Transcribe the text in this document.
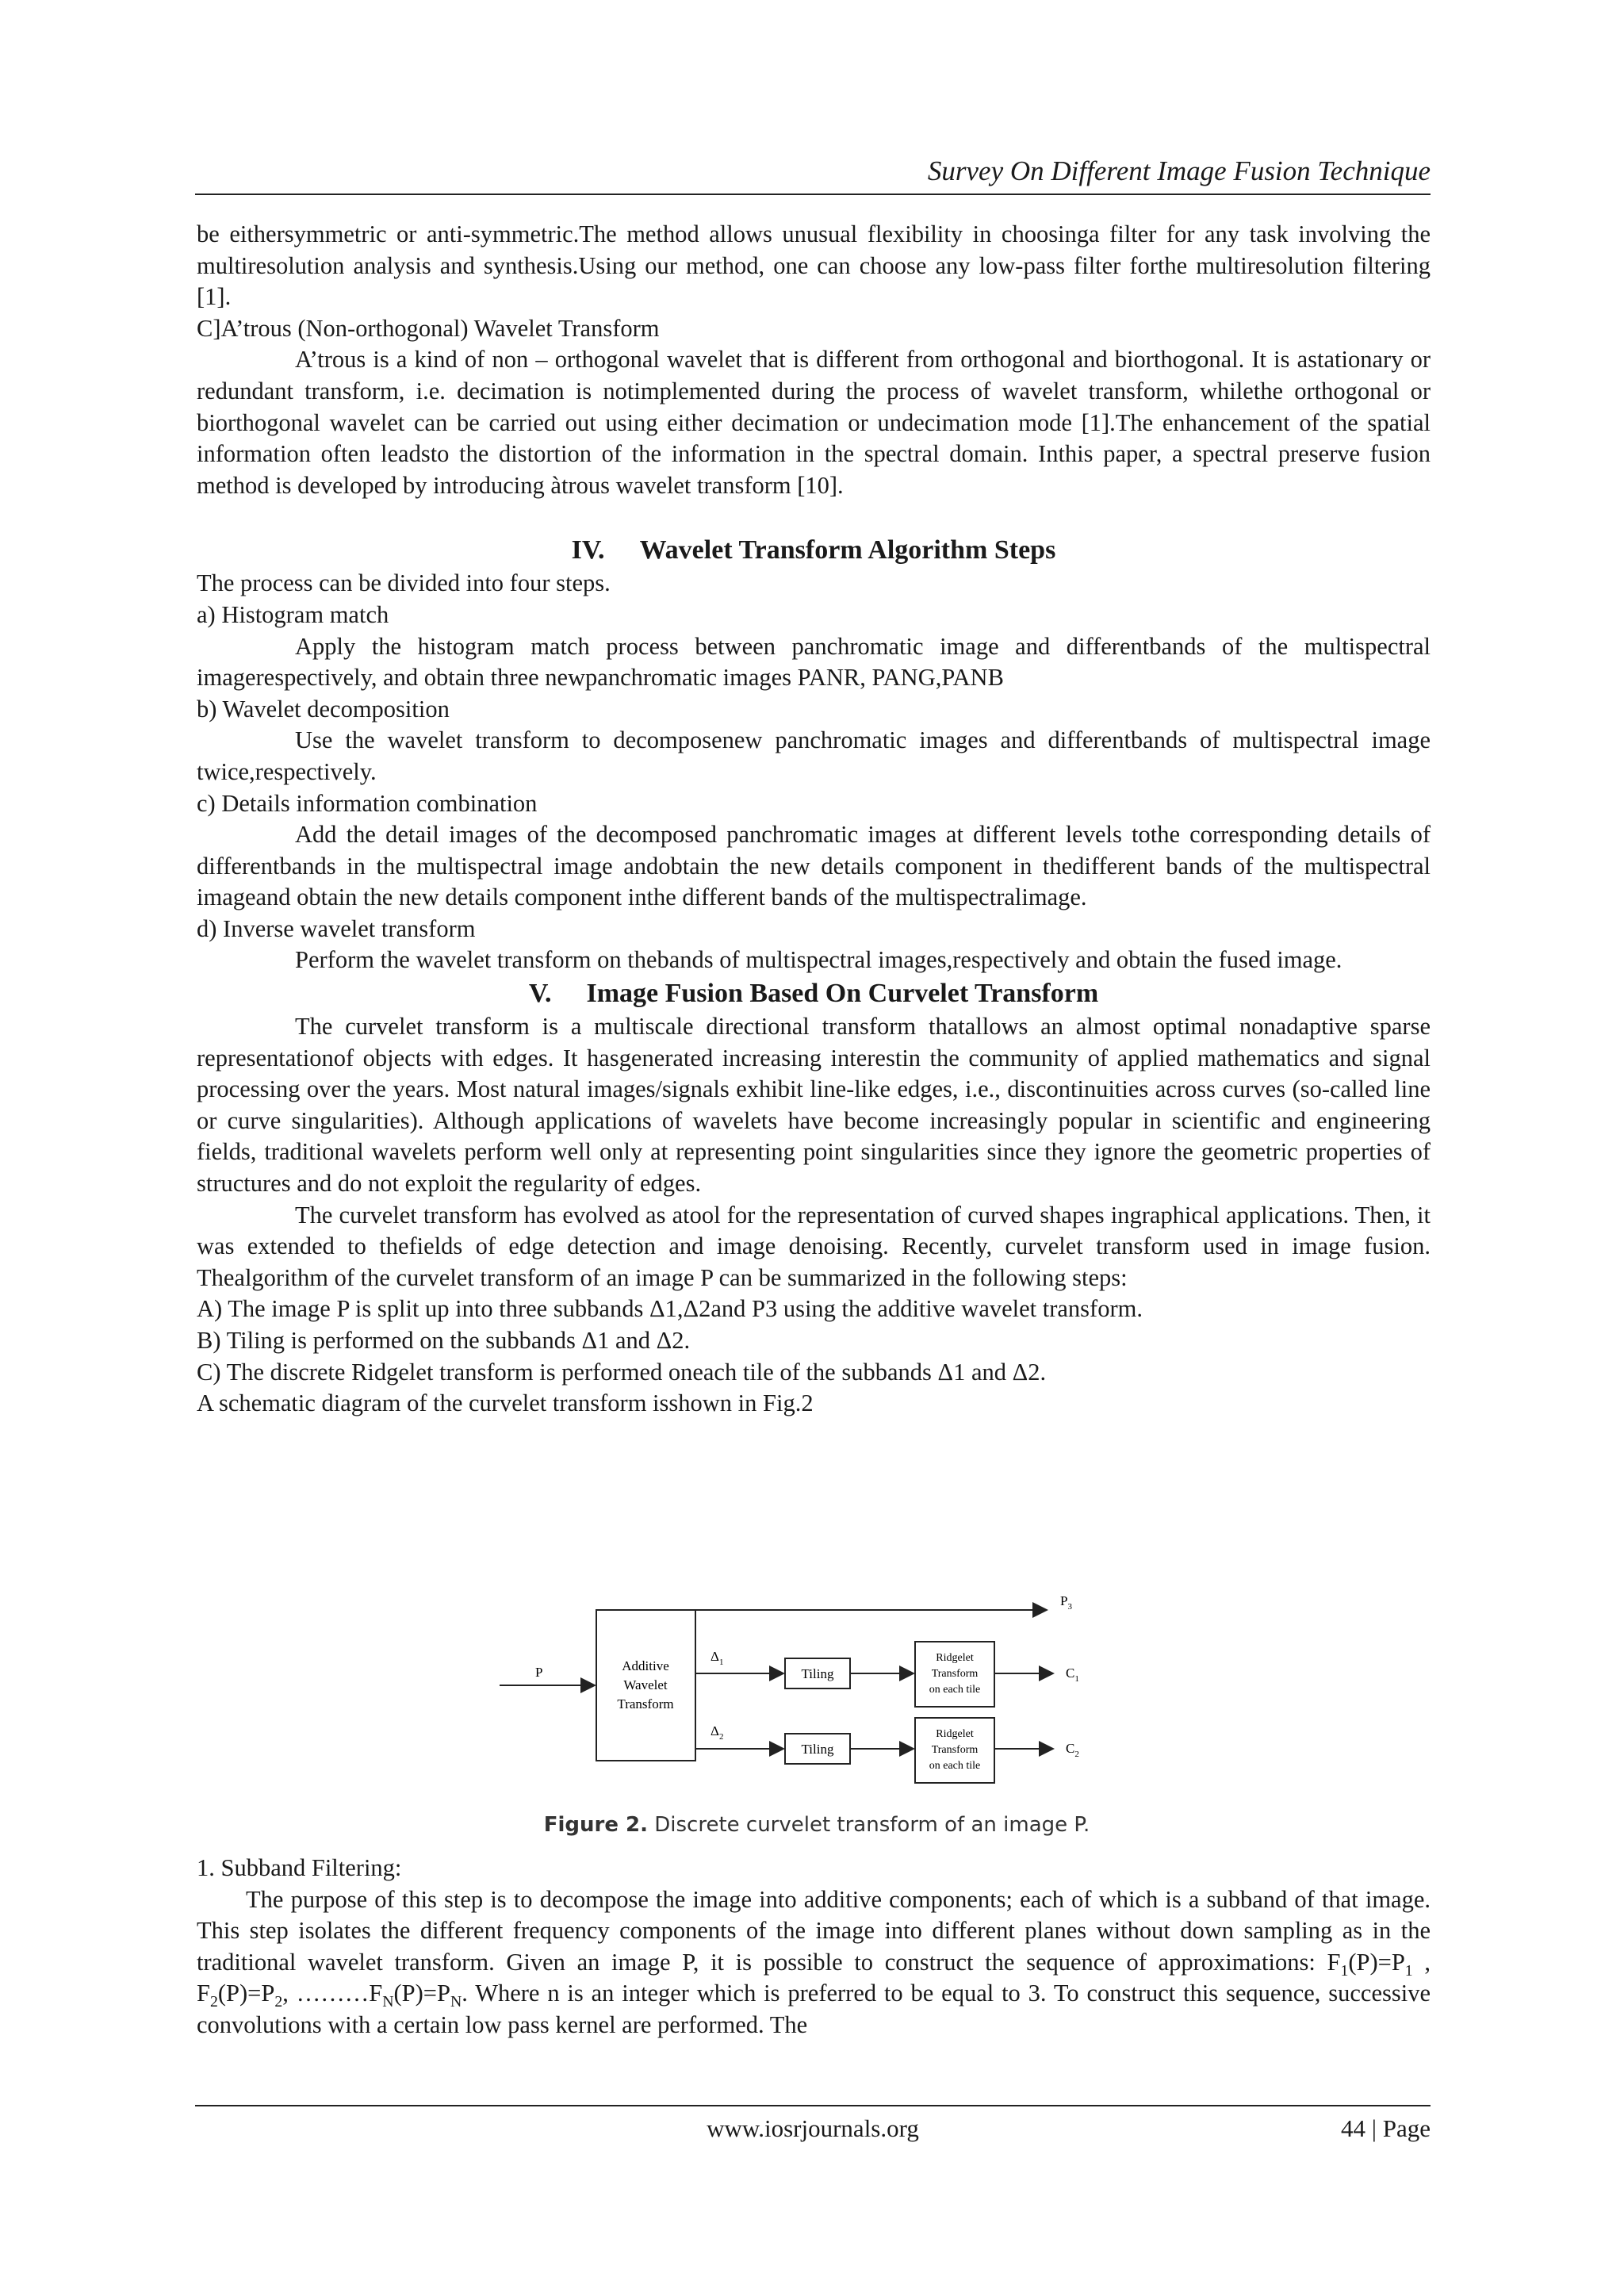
Survey On Different Image Fusion Technique

be eithersymmetric or anti-symmetric.The method allows unusual flexibility in choosinga filter for any task involving the multiresolution analysis and synthesis.Using our method, one can choose any low-pass filter forthe multiresolution filtering [1].

C]A’trous (Non-orthogonal) Wavelet Transform

A’trous is a kind of non – orthogonal wavelet that is different from orthogonal and biorthogonal. It is astationary or redundant transform, i.e. decimation is notimplemented during the process of wavelet transform, whilethe orthogonal or biorthogonal wavelet can be carried out using either decimation or undecimation mode [1].The enhancement of the spatial information often leadsto the distortion of the information in the spectral domain. Inthis paper, a spectral preserve fusion method is developed by introducing àtrous wavelet transform [10].

IV. Wavelet Transform Algorithm Steps

The process can be divided into four steps.

a) Histogram match

Apply the histogram match process between panchromatic image and differentbands of the multispectral imagerespectively, and obtain three newpanchromatic images PANR, PANG,PANB

b) Wavelet decomposition

Use the wavelet transform to decomposenew panchromatic images and differentbands of multispectral image twice,respectively.

c) Details information combination

Add the detail images of the decomposed panchromatic images at different levels tothe corresponding details of differentbands in the multispectral image andobtain the new details component in thedifferent bands of the multispectral imageand obtain the new details component inthe different bands of the multispectralimage.

d) Inverse wavelet transform

Perform the wavelet transform on thebands of multispectral images,respectively and obtain the fused image.

V. Image Fusion Based On Curvelet Transform

The curvelet transform is a multiscale directional transform thatallows an almost optimal nonadaptive sparse representationof objects with edges. It hasgenerated increasing interestin the community of applied mathematics and signal processing over the years. Most natural images/signals exhibit line-like edges, i.e., discontinuities across curves (so-called line or curve singularities). Although applications of wavelets have become increasingly popular in scientific and engineering fields, traditional wavelets perform well only at representing point singularities since they ignore the geometric properties of structures and do not exploit the regularity of edges.

The curvelet transform has evolved as atool for the representation of curved shapes ingraphical applications. Then, it was extended to thefields of edge detection and image denoising. Recently, curvelet transform used in image fusion. Thealgorithm of the curvelet transform of an image P can be summarized in the following steps:

A) The image P is split up into three subbands Δ1,Δ2and P3 using the additive wavelet transform.

B) Tiling is performed on the subbands Δ1 and Δ2.

C) The discrete Ridgelet transform is performed oneach tile of the subbands Δ1 and Δ2.

A schematic diagram of the curvelet transform isshown in Fig.2

P	Additive
Wavelet
Transform
$P_3$
$\Delta_1$
Tiling
Ridgelet
Transform
on each tile
$C_1$
$\Delta_2$
Tiling
Ridgelet
Transform
on each tile
$C_2$
Figure 2. Discrete curvelet transform of an image P.

1. Subband Filtering:

The purpose of this step is to decompose the image into additive components; each of which is a subband of that image. This step isolates the different frequency components of the image into different planes without down sampling as in the traditional wavelet transform. Given an image P, it is possible to construct the sequence of approximations: $F_1(P)=P_1$ , $F_2(P)=P_2$, $\dots\dots\dots F_N(P)=P_N$. Where n is an integer which is preferred to be equal to 3. To construct this sequence, successive convolutions with a certain low pass kernel are performed. The

www.iosrjournals.org	44 | Page
